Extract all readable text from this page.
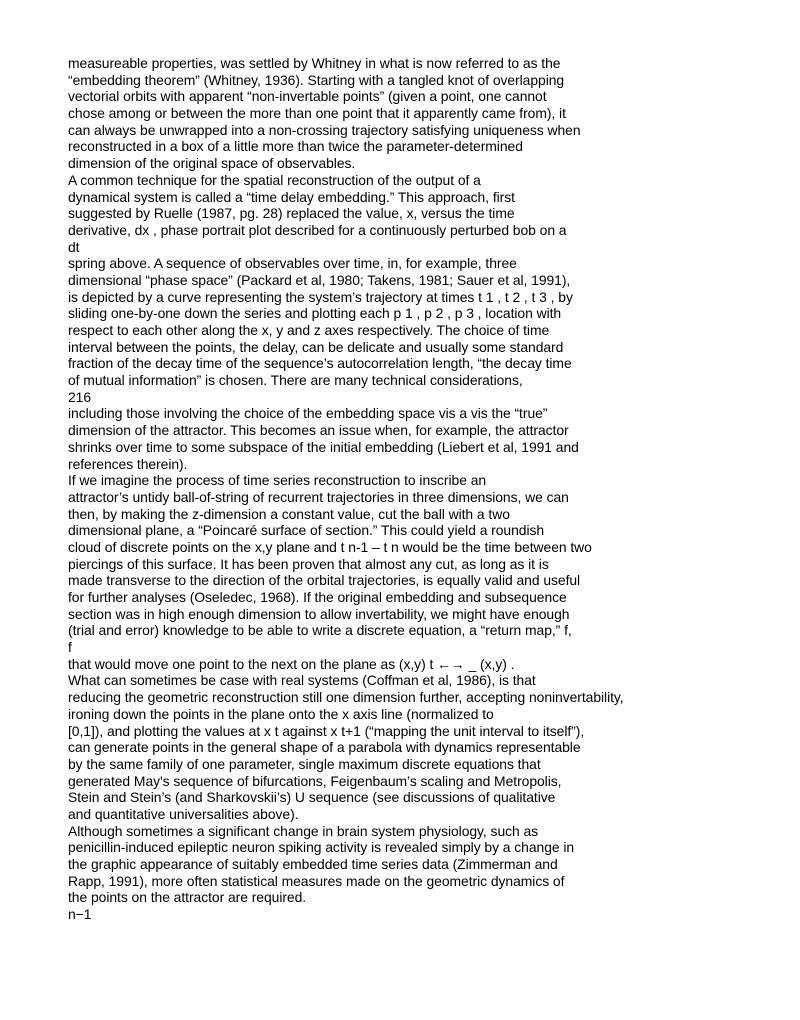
measureable properties, was settled by Whitney in what is now referred to as the
“embedding theorem” (Whitney, 1936). Starting with a tangled knot of overlapping
vectorial orbits with apparent “non-invertable points” (given a point, one cannot
chose among or between the more than one point that it apparently came from), it
can always be unwrapped into a non-crossing trajectory satisfying uniqueness when
reconstructed in a box of a little more than twice the parameter-determined
dimension of the original space of observables.
A common technique for the spatial reconstruction of the output of a
dynamical system is called a “time delay embedding.” This approach, first
suggested by Ruelle (1987, pg. 28) replaced the value, x, versus the time
derivative, dx , phase portrait plot described for a continuously perturbed bob on a
dt
spring above. A sequence of observables over time, in, for example, three
dimensional “phase space” (Packard et al, 1980; Takens, 1981; Sauer et al, 1991),
is depicted by a curve representing the system’s trajectory at times t 1 , t 2 , t 3 , by
sliding one-by-one down the series and plotting each p 1 , p 2 , p 3 , location with
respect to each other along the x, y and z axes respectively. The choice of time
interval between the points, the delay, can be delicate and usually some standard
fraction of the decay time of the sequence’s autocorrelation length, “the decay time
of mutual information” is chosen. There are many technical considerations,
216
including those involving the choice of the embedding space vis a vis the “true”
dimension of the attractor. This becomes an issue when, for example, the attractor
shrinks over time to some subspace of the initial embedding (Liebert et al, 1991 and
references therein).
If we imagine the process of time series reconstruction to inscribe an
attractor’s untidy ball-of-string of recurrent trajectories in three dimensions, we can
then, by making the z-dimension a constant value, cut the ball with a two
dimensional plane, a “Poincaré surface of section.” This could yield a roundish
cloud of discrete points on the x,y plane and t n-1 – t n would be the time between two
piercings of this surface. It has been proven that almost any cut, as long as it is
made transverse to the direction of the orbital trajectories, is equally valid and useful
for further analyses (Oseledec, 1968). If the original embedding and subsequence
section was in high enough dimension to allow invertability, we might have enough
(trial and error) knowledge to be able to write a discrete equation, a “return map,” f,
f
that would move one point to the next on the plane as (x,y) t ←→ _ (x,y) .
What can sometimes be case with real systems (Coffman et al, 1986), is that
reducing the geometric reconstruction still one dimension further, accepting noninvertability,
ironing down the points in the plane onto the x axis line (normalized to
[0,1]), and plotting the values at x t against x t+1 (“mapping the unit interval to itself”),
can generate points in the general shape of a parabola with dynamics representable
by the same family of one parameter, single maximum discrete equations that
generated May's sequence of bifurcations, Feigenbaum’s scaling and Metropolis,
Stein and Stein’s (and Sharkovskii’s) U sequence (see discussions of qualitative
and quantitative universalities above).
Although sometimes a significant change in brain system physiology, such as
penicillin-induced epileptic neuron spiking activity is revealed simply by a change in
the graphic appearance of suitably embedded time series data (Zimmerman and
Rapp, 1991), more often statistical measures made on the geometric dynamics of
the points on the attractor are required.
n−1
